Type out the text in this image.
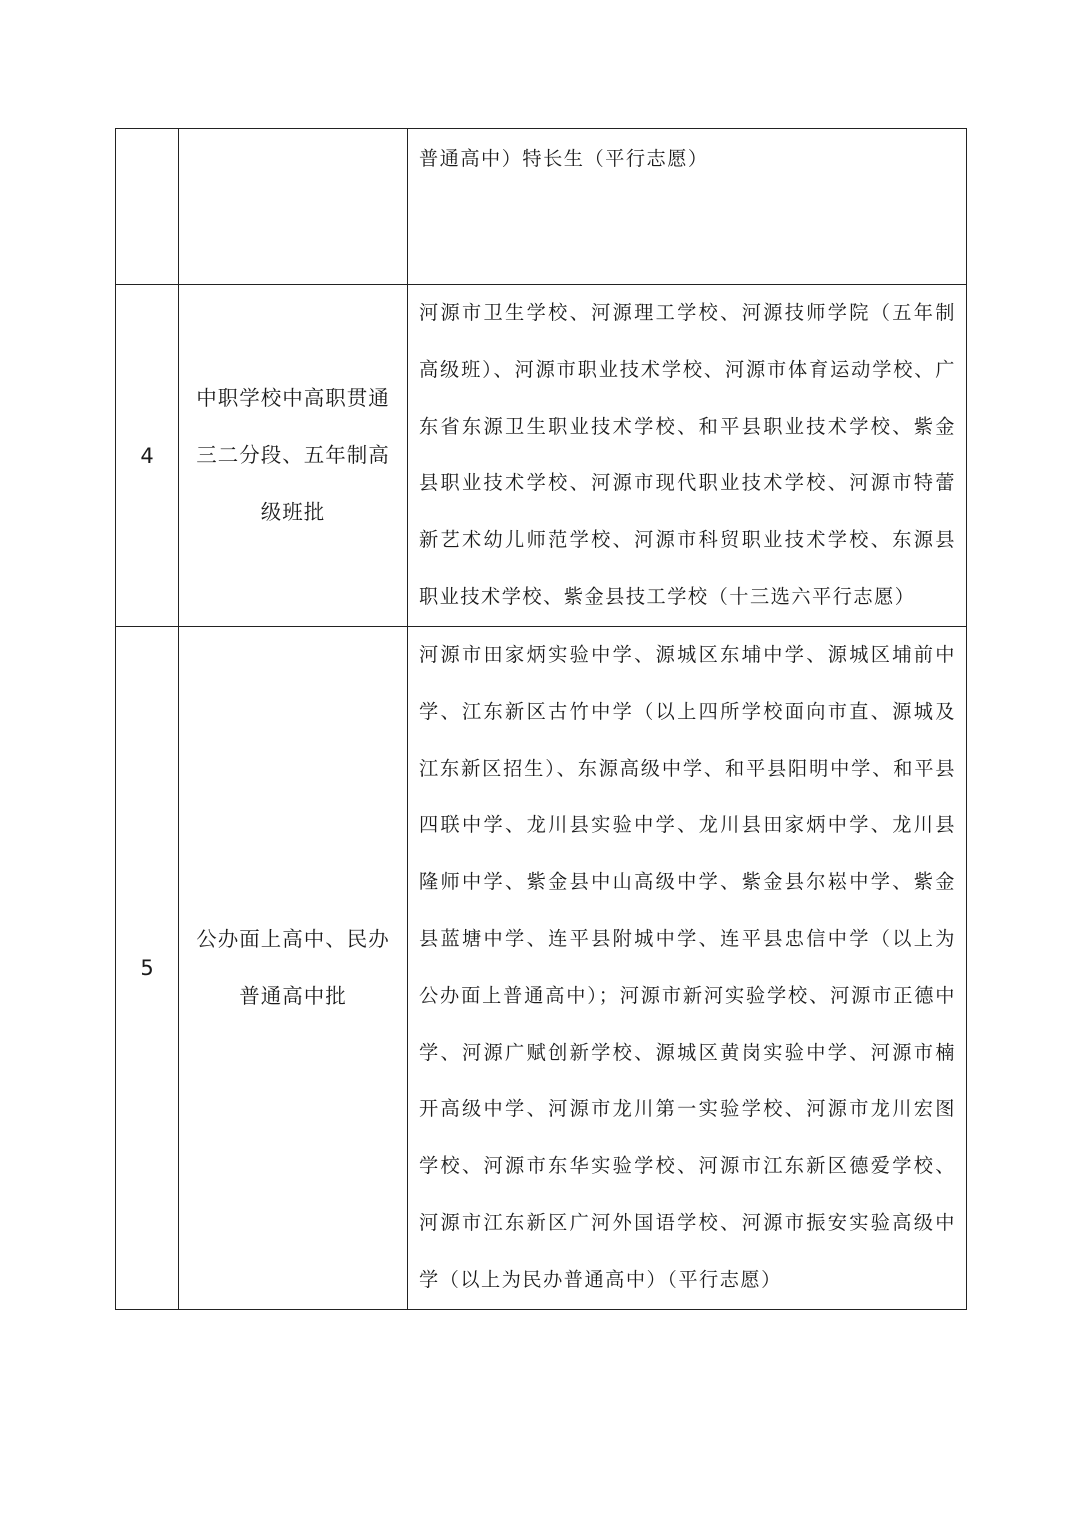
		普通高中）特长生（平行志愿）

4	中职学校中高职贯通三二分段、五年制高级班批	河源市卫生学校、河源理工学校、河源技师学院（五年制高级班）、河源市职业技术学校、河源市体育运动学校、广东省东源卫生职业技术学校、和平县职业技术学校、紫金县职业技术学校、河源市现代职业技术学校、河源市特蕾新艺术幼儿师范学校、河源市科贸职业技术学校、东源县职业技术学校、紫金县技工学校（十三选六平行志愿）

5	公办面上高中、民办普通高中批	河源市田家炳实验中学、源城区东埔中学、源城区埔前中学、江东新区古竹中学（以上四所学校面向市直、源城及江东新区招生）、东源高级中学、和平县阳明中学、和平县四联中学、龙川县实验中学、龙川县田家炳中学、龙川县隆师中学、紫金县中山高级中学、紫金县尔崧中学、紫金县蓝塘中学、连平县附城中学、连平县忠信中学（以上为公办面上普通高中）；河源市新河实验学校、河源市正德中学、河源广赋创新学校、源城区黄岗实验中学、河源市楠开高级中学、河源市龙川第一实验学校、河源市龙川宏图学校、河源市东华实验学校、河源市江东新区德爱学校、河源市江东新区广河外国语学校、河源市振安实验高级中学（以上为民办普通高中）（平行志愿）
